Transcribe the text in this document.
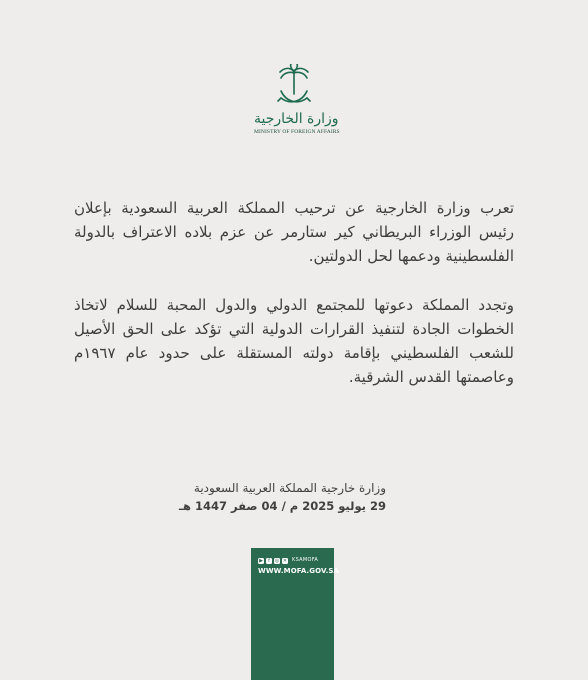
وزارة الخارجية
MINISTRY OF FOREIGN AFFAIRS

تعرب وزارة الخارجية عن ترحيب المملكة العربية السعودية بإعلان رئيس الوزراء البريطاني كير ستارمر عن عزم بلاده الاعتراف بالدولة الفلسطينية ودعمها لحل الدولتين.

وتجدد المملكة دعوتها للمجتمع الدولي والدول المحبة للسلام لاتخاذ الخطوات الجادة لتنفيذ القرارات الدولية التي تؤكد على الحق الأصيل للشعب الفلسطيني بإقامة دولته المستقلة على حدود عام ١٩٦٧م وعاصمتها القدس الشرقية.

وزارة خارجية المملكة العربية السعودية
29 يوليو 2025 م / 04 صفر 1447 هـ
▶	f ◎ ✕ KSAMOFA
WWW.MOFA.GOV.SA
